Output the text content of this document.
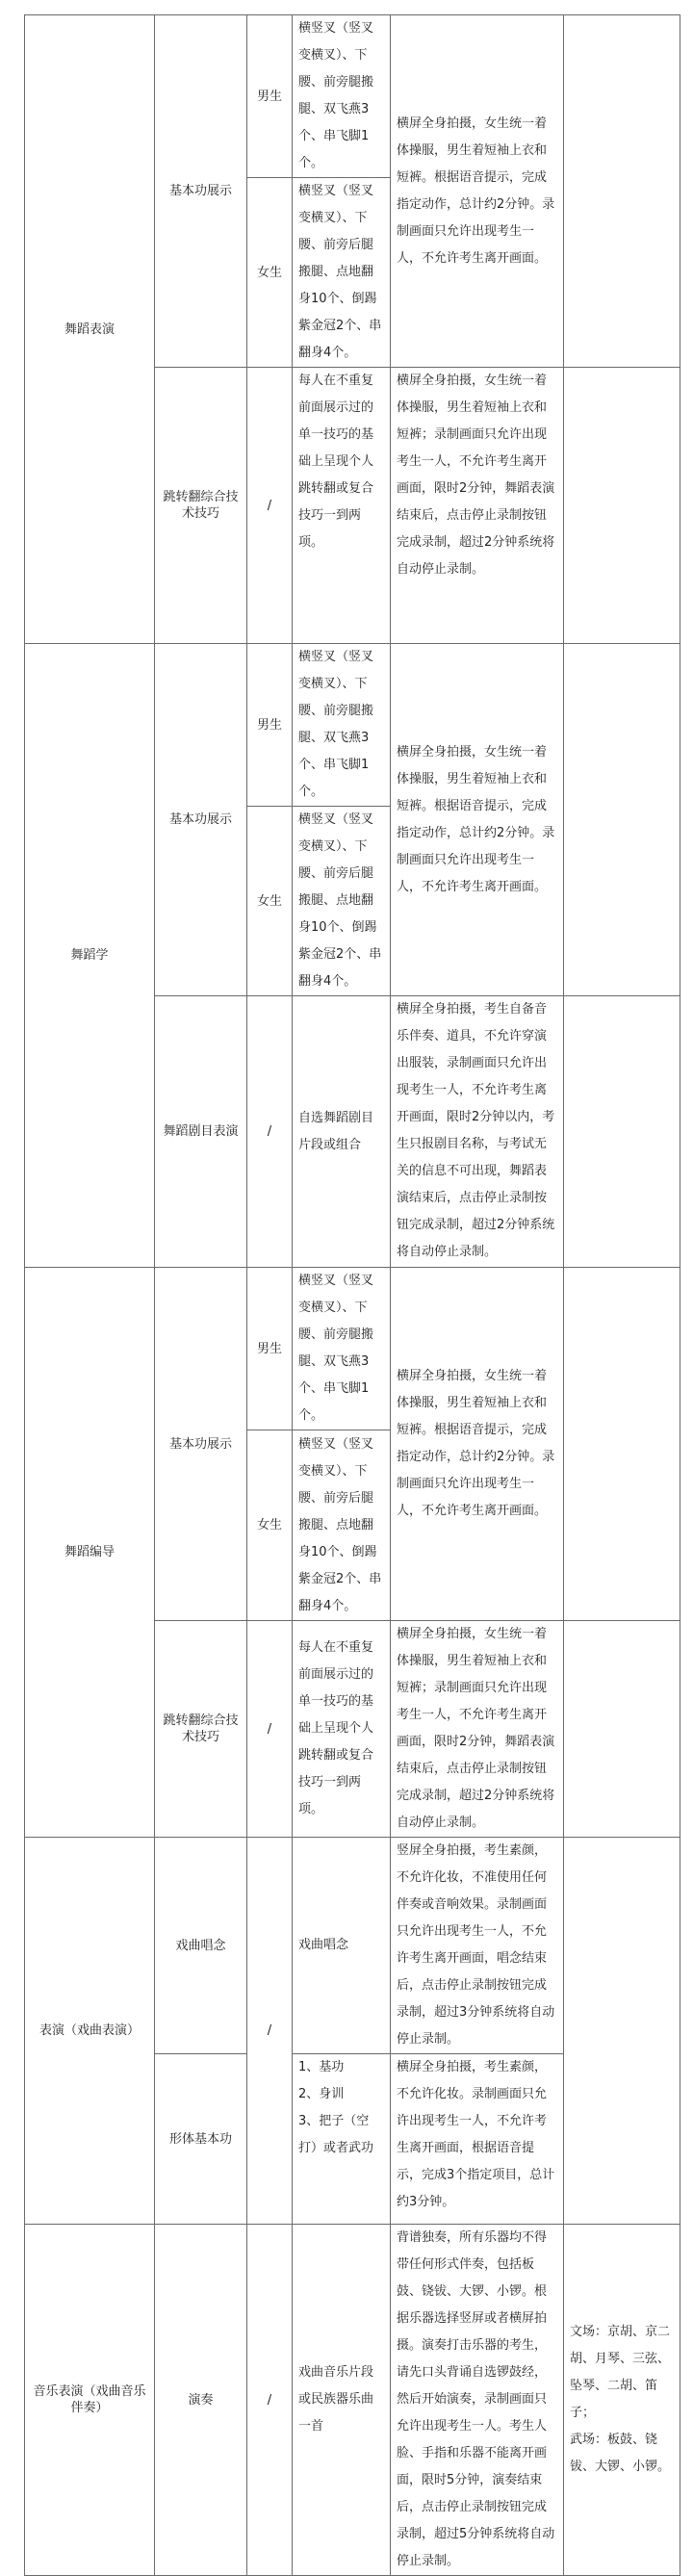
舞蹈表演	基本功展示	男生	横竖叉（竖叉变横叉）、下腰、前旁腿搬腿、双飞燕3个、串飞脚1个。	横屏全身拍摄，女生统一着体操服，男生着短袖上衣和短裤。根据语音提示，完成指定动作，总计约2分钟。录制画面只允许出现考生一人，不允许考生离开画面。	
		女生	横竖叉（竖叉变横叉）、下腰、前旁后腿搬腿、点地翻身10个、倒踢紫金冠2个、串翻身4个。		
	跳转翻综合技术技巧	/	每人在不重复前面展示过的单一技巧的基础上呈现个人跳转翻或复合技巧一到两项。	横屏全身拍摄，女生统一着体操服，男生着短袖上衣和短裤；录制画面只允许出现考生一人，不允许考生离开画面，限时2分钟，舞蹈表演结束后，点击停止录制按钮完成录制，超过2分钟系统将自动停止录制。	
舞蹈学	基本功展示	男生	横竖叉（竖叉变横叉）、下腰、前旁腿搬腿、双飞燕3个、串飞脚1个。	横屏全身拍摄，女生统一着体操服，男生着短袖上衣和短裤。根据语音提示，完成指定动作，总计约2分钟。录制画面只允许出现考生一人，不允许考生离开画面。	
		女生	横竖叉（竖叉变横叉）、下腰、前旁后腿搬腿、点地翻身10个、倒踢紫金冠2个、串翻身4个。		
	舞蹈剧目表演	/	自选舞蹈剧目片段或组合	横屏全身拍摄，考生自备音乐伴奏、道具，不允许穿演出服装，录制画面只允许出现考生一人，不允许考生离开画面，限时2分钟以内，考生只报剧目名称，与考试无关的信息不可出现，舞蹈表演结束后，点击停止录制按钮完成录制，超过2分钟系统将自动停止录制。	
舞蹈编导	基本功展示	男生	横竖叉（竖叉变横叉）、下腰、前旁腿搬腿、双飞燕3个、串飞脚1个。	横屏全身拍摄，女生统一着体操服，男生着短袖上衣和短裤。根据语音提示，完成指定动作，总计约2分钟。录制画面只允许出现考生一人，不允许考生离开画面。	
		女生	横竖叉（竖叉变横叉）、下腰、前旁后腿搬腿、点地翻身10个、倒踢紫金冠2个、串翻身4个。		
	跳转翻综合技术技巧	/	每人在不重复前面展示过的单一技巧的基础上呈现个人跳转翻或复合技巧一到两项。	横屏全身拍摄，女生统一着体操服，男生着短袖上衣和短裤；录制画面只允许出现考生一人，不允许考生离开画面，限时2分钟，舞蹈表演结束后，点击停止录制按钮完成录制，超过2分钟系统将自动停止录制。	
表演（戏曲表演）	戏曲唱念	/	戏曲唱念	竖屏全身拍摄，考生素颜，不允许化妆，不准使用任何伴奏或音响效果。录制画面只允许出现考生一人，不允许考生离开画面，唱念结束后，点击停止录制按钮完成录制，超过3分钟系统将自动停止录制。	
	形体基本功		1、基功
2、身训
3、把子（空打）或者武功	横屏全身拍摄，考生素颜，不允许化妆。录制画面只允许出现考生一人，不允许考生离开画面，根据语音提示，完成3个指定项目，总计约3分钟。	
音乐表演（戏曲音乐伴奏）	演奏	/	戏曲音乐片段或民族器乐曲一首	背谱独奏，所有乐器均不得带任何形式伴奏，包括板鼓、铙钹、大锣、小锣。根据乐器选择竖屏或者横屏拍摄。演奏打击乐器的考生，请先口头背诵自选锣鼓经，然后开始演奏，录制画面只允许出现考生一人。考生人脸、手指和乐器不能离开画面，限时5分钟，演奏结束后，点击停止录制按钮完成录制，超过5分钟系统将自动停止录制。	文场：京胡、京二胡、月琴、三弦、坠琴、二胡、笛子；
武场：板鼓、铙钹、大锣、小锣。
